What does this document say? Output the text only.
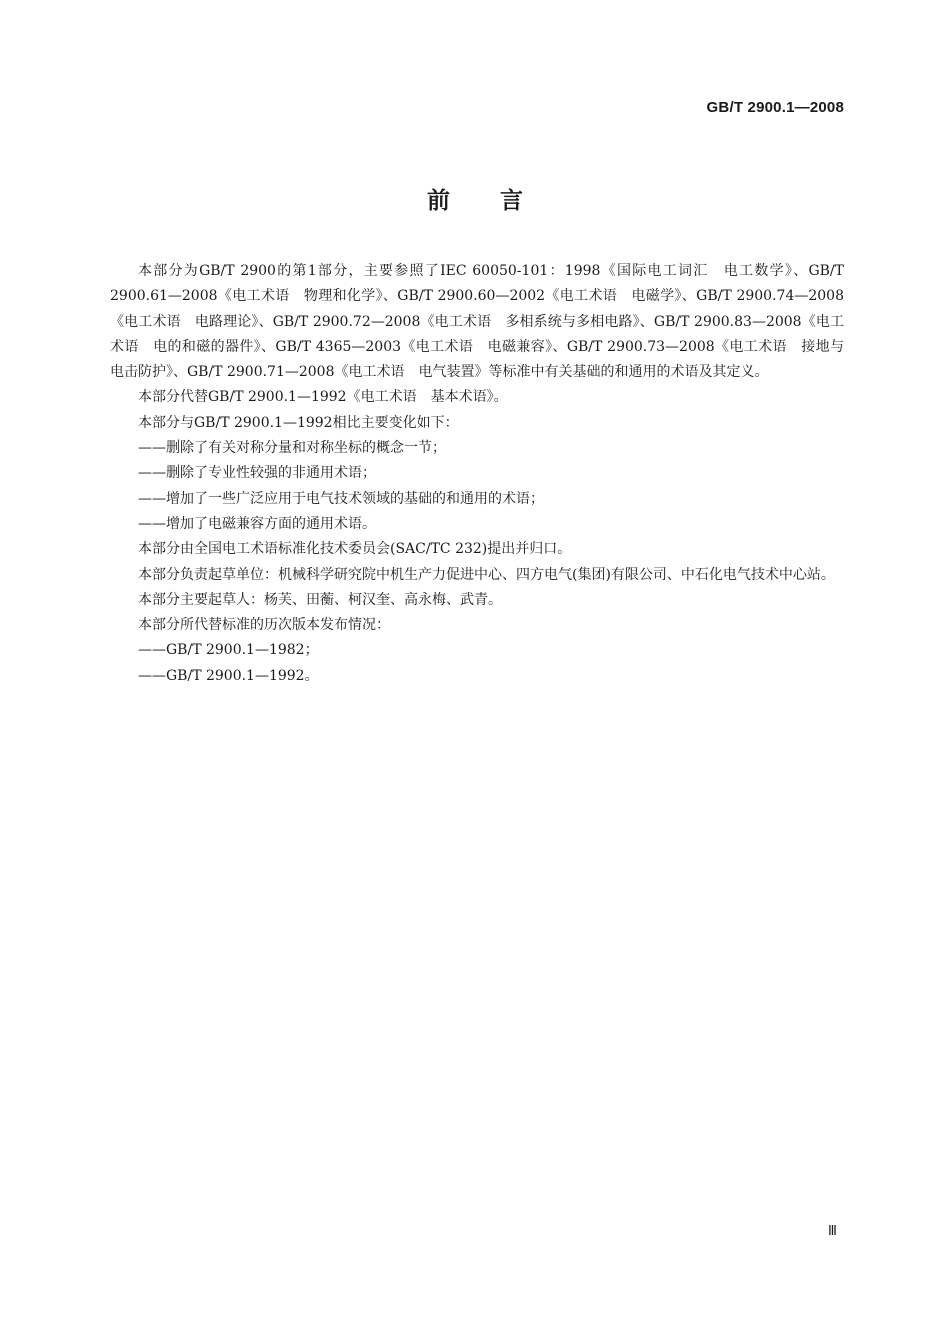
GB/T 2900.1—2008
前言

本部分为GB/T 2900的第1部分，主要参照了IEC 60050-101：1998《国际电工词汇　电工数学》、GB/T 2900.61—2008《电工术语　物理和化学》、GB/T 2900.60—2002《电工术语　电磁学》、GB/T 2900.74—2008《电工术语　电路理论》、GB/T 2900.72—2008《电工术语　多相系统与多相电路》、GB/T 2900.83—2008《电工术语　电的和磁的器件》、GB/T 4365—2003《电工术语　电磁兼容》、GB/T 2900.73—2008《电工术语　接地与电击防护》、GB/T 2900.71—2008《电工术语　电气装置》等标准中有关基础的和通用的术语及其定义。

本部分代替GB/T 2900.1—1992《电工术语　基本术语》。

本部分与GB/T 2900.1—1992相比主要变化如下：

——删除了有关对称分量和对称坐标的概念一节；

——删除了专业性较强的非通用术语；

——增加了一些广泛应用于电气技术领域的基础的和通用的术语；

——增加了电磁兼容方面的通用术语。

本部分由全国电工术语标准化技术委员会(SAC/TC 232)提出并归口。

本部分负责起草单位：机械科学研究院中机生产力促进中心、四方电气(集团)有限公司、中石化电气技术中心站。

本部分主要起草人：杨芙、田蘅、柯汉奎、高永梅、武青。

本部分所代替标准的历次版本发布情况：

——GB/T 2900.1—1982；

——GB/T 2900.1—1992。

Ⅲ
